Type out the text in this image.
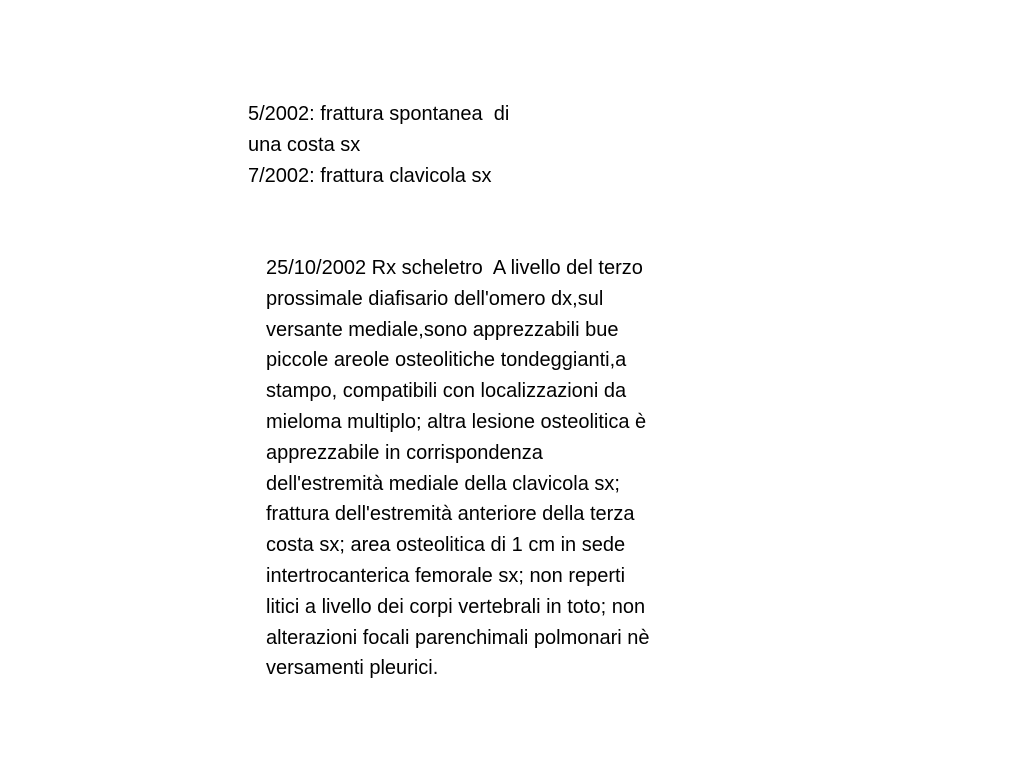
5/2002: frattura spontanea  di
una costa sx
7/2002: frattura clavicola sx
25/10/2002 Rx scheletro  A livello del terzo
prossimale diafisario dell'omero dx,sul
versante mediale,sono apprezzabili bue
piccole areole osteolitiche tondeggianti,a
stampo, compatibili con localizzazioni da
mieloma multiplo; altra lesione osteolitica è
apprezzabile in corrispondenza
dell'estremità mediale della clavicola sx;
frattura dell'estremità anteriore della terza
costa sx; area osteolitica di 1 cm in sede
intertrocanterica femorale sx; non reperti
litici a livello dei corpi vertebrali in toto; non
alterazioni focali parenchimali polmonari nè
versamenti pleurici.
